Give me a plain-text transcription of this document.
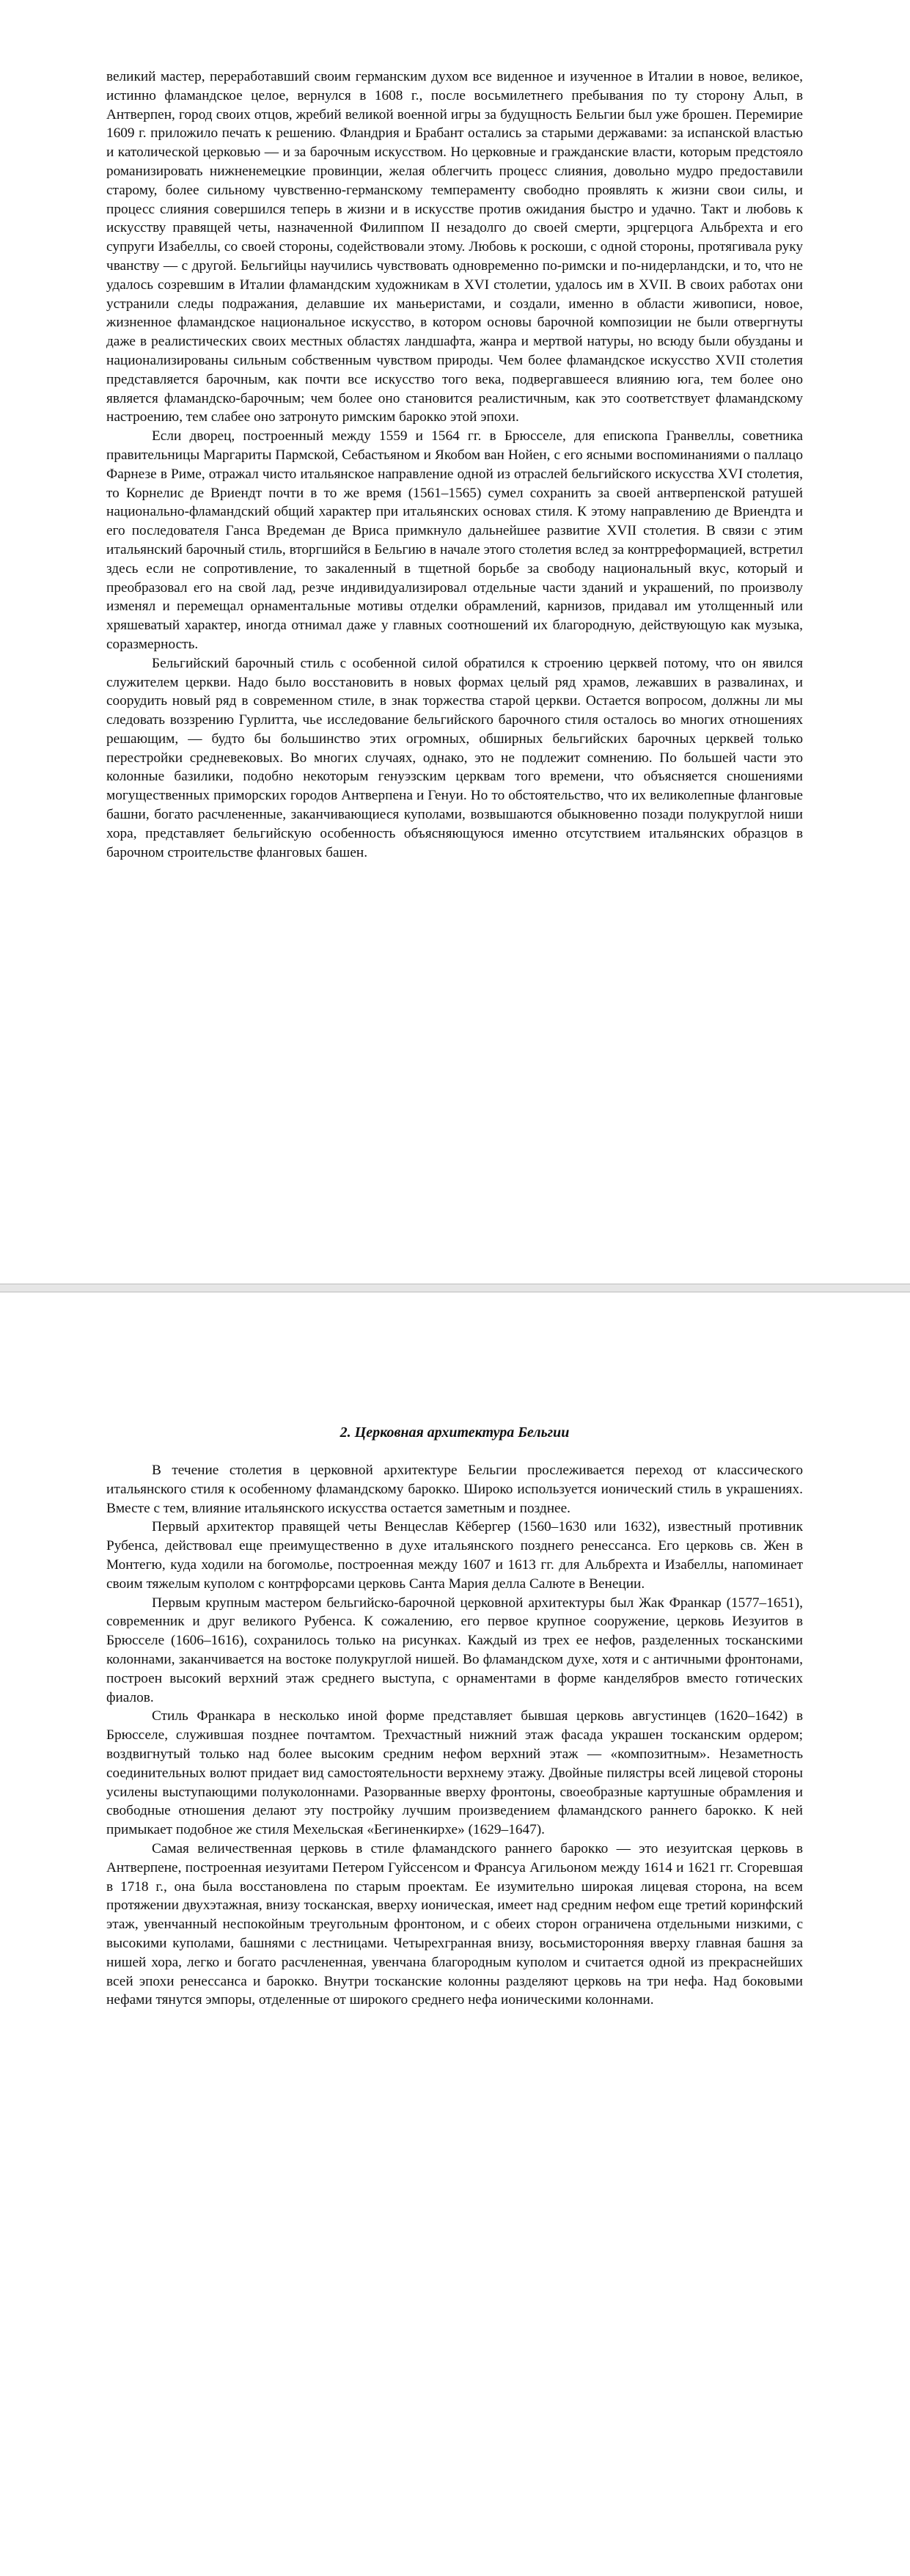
великий мастер, переработавший своим германским духом все виденное и изученное в Италии в новое, великое, истинно фламандское целое, вернулся в 1608 г., после восьмилетнего пребывания по ту сторону Альп, в Антверпен, город своих отцов, жребий великой военной игры за будущность Бельгии был уже брошен. Перемирие 1609 г. приложило печать к решению. Фландрия и Брабант остались за старыми державами: за испанской властью и католической церковью — и за барочным искусством. Но церковные и гражданские власти, которым предстояло романизировать нижненемецкие провинции, желая облегчить процесс слияния, довольно мудро предоставили старому, более сильному чувственно-германскому темпераменту свободно проявлять к жизни свои силы, и процесс слияния совершился теперь в жизни и в искусстве против ожидания быстро и удачно. Такт и любовь к искусству правящей четы, назначенной Филиппом II незадолго до своей смерти, эрцгерцога Альбрехта и его супруги Изабеллы, со своей стороны, содействовали этому. Любовь к роскоши, с одной стороны, протягивала руку чванству — с другой. Бельгийцы научились чувствовать одновременно по-римски и по-нидерландски, и то, что не удалось созревшим в Италии фламандским художникам в XVI столетии, удалось им в XVII. В своих работах они устранили следы подражания, делавшие их маньеристами, и создали, именно в области живописи, новое, жизненное фламандское национальное искусство, в котором основы барочной композиции не были отвергнуты даже в реалистических своих местных областях ландшафта, жанра и мертвой натуры, но всюду были обузданы и национализированы сильным собственным чувством природы. Чем более фламандское искусство XVII столетия представляется барочным, как почти все искусство того века, подвергавшееся влиянию юга, тем более оно является фламандско-барочным; чем более оно становится реалистичным, как это соответствует фламандскому настроению, тем слабее оно затронуто римским барокко этой эпохи.

Если дворец, построенный между 1559 и 1564 гг. в Брюсселе, для епископа Гранвеллы, советника правительницы Маргариты Пармской, Себастьяном и Якобом ван Нойен, с его ясными воспоминаниями о паллацо Фарнезе в Риме, отражал чисто итальянское направление одной из отраслей бельгийского искусства XVI столетия, то Корнелис де Вриендт почти в то же время (1561–1565) сумел сохранить за своей антверпенской ратушей национально-фламандский общий характер при итальянских основах стиля. К этому направлению де Вриендта и его последователя Ганса Вредеман де Вриса примкнуло дальнейшее развитие XVII столетия. В связи с этим итальянский барочный стиль, вторгшийся в Бельгию в начале этого столетия вслед за контрреформацией, встретил здесь если не сопротивление, то закаленный в тщетной борьбе за свободу национальный вкус, который и преобразовал его на свой лад, резче индивидуализировал отдельные части зданий и украшений, по произволу изменял и перемещал орнаментальные мотивы отделки обрамлений, карнизов, придавал им утолщенный или хряшеватый характер, иногда отнимал даже у главных соотношений их благородную, действующую как музыка, соразмерность.

Бельгийский барочный стиль с особенной силой обратился к строению церквей потому, что он явился служителем церкви. Надо было восстановить в новых формах целый ряд храмов, лежавших в развалинах, и соорудить новый ряд в современном стиле, в знак торжества старой церкви. Остается вопросом, должны ли мы следовать воззрению Гурлитта, чье исследование бельгийского барочного стиля осталось во многих отношениях решающим, — будто бы большинство этих огромных, обширных бельгийских барочных церквей только перестройки средневековых. Во многих случаях, однако, это не подлежит сомнению. По большей части это колонные базилики, подобно некоторым генуэзским церквам того времени, что объясняется сношениями могущественных приморских городов Антверпена и Генуи. Но то обстоятельство, что их великолепные фланговые башни, богато расчлененные, заканчивающиеся куполами, возвышаются обыкновенно позади полукруглой ниши хора, представляет бельгийскую особенность объясняющуюся именно отсутствием итальянских образцов в барочном строительстве фланговых башен.

2. Церковная архитектура Бельгии

В течение столетия в церковной архитектуре Бельгии прослеживается переход от классического итальянского стиля к особенному фламандскому барокко. Широко используется ионический стиль в украшениях. Вместе с тем, влияние итальянского искусства остается заметным и позднее.

Первый архитектор правящей четы Венцеслав Кёбергер (1560–1630 или 1632), известный противник Рубенса, действовал еще преимущественно в духе итальянского позднего ренессанса. Его церковь св. Жен в Монтегю, куда ходили на богомолье, построенная между 1607 и 1613 гг. для Альбрехта и Изабеллы, напоминает своим тяжелым куполом с контрфорсами церковь Санта Мария делла Салюте в Венеции.

Первым крупным мастером бельгийско-барочной церковной архитектуры был Жак Франкар (1577–1651), современник и друг великого Рубенса. К сожалению, его первое крупное сооружение, церковь Иезуитов в Брюсселе (1606–1616), сохранилось только на рисунках. Каждый из трех ее нефов, разделенных тосканскими колоннами, заканчивается на востоке полукруглой нишей. Во фламандском духе, хотя и с античными фронтонами, построен высокий верхний этаж среднего выступа, с орнаментами в форме канделябров вместо готических фиалов.

Стиль Франкара в несколько иной форме представляет бывшая церковь августинцев (1620–1642) в Брюсселе, служившая позднее почтамтом. Трехчастный нижний этаж фасада украшен тосканским ордером; воздвигнутый только над более высоким средним нефом верхний этаж — «композитным». Незаметность соединительных волют придает вид самостоятельности верхнему этажу. Двойные пилястры всей лицевой стороны усилены выступающими полуколоннами. Разорванные вверху фронтоны, своеобразные картушные обрамления и свободные отношения делают эту постройку лучшим произведением фламандского раннего барокко. К ней примыкает подобное же стиля Мехельская «Бегиненкирхе» (1629–1647).

Самая величественная церковь в стиле фламандского раннего барокко — это иезуитская церковь в Антверпене, построенная иезуитами Петером Гуйссенсом и Франсуа Агильоном между 1614 и 1621 гг. Сгоревшая в 1718 г., она была восстановлена по старым проектам. Ее изумительно широкая лицевая сторона, на всем протяжении двухэтажная, внизу тосканская, вверху ионическая, имеет над средним нефом еще третий коринфский этаж, увенчанный неспокойным треугольным фронтоном, и с обеих сторон ограничена отдельными низкими, с высокими куполами, башнями с лестницами. Четырехгранная внизу, восьмисторонняя вверху главная башня за нишей хора, легко и богато расчлененная, увенчана благородным куполом и считается одной из прекраснейших всей эпохи ренессанса и барокко. Внутри тосканские колонны разделяют церковь на три нефа. Над боковыми нефами тянутся эмпоры, отделенные от широкого среднего нефа ионическими колоннами.
